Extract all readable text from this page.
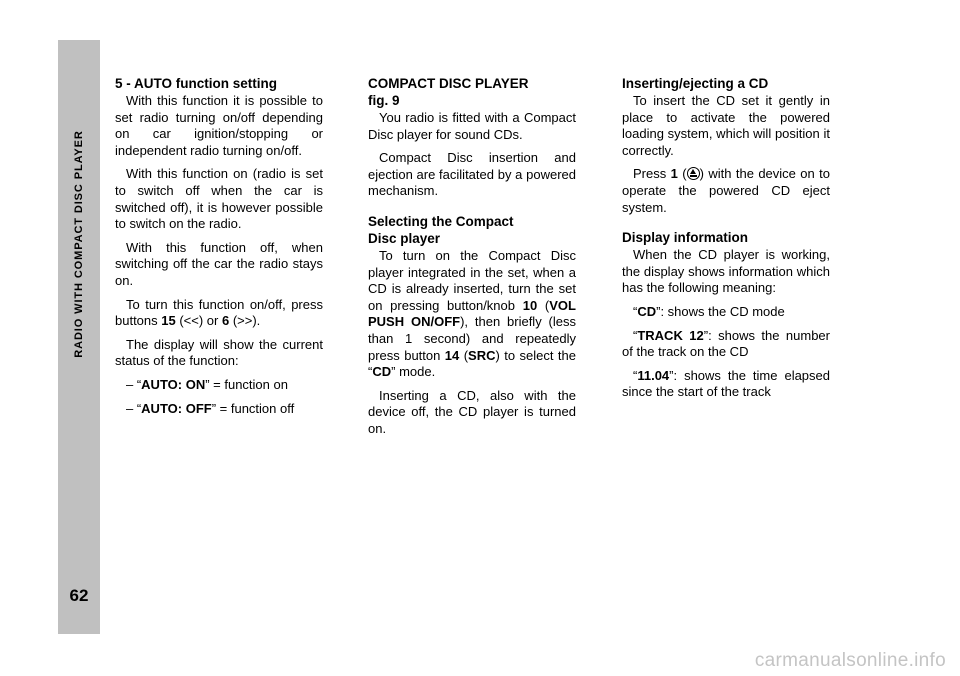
RADIO WITH COMPACT DISC PLAYER
62
5 - AUTO function setting

With this function it is possible to set radio turning on/off depending on car ignition/stopping or independent radio turning on/off.

With this function on (radio is set to switch off when the car is switched off), it is however possible to switch on the radio.

With this function off, when switching off the car the radio stays on.

To turn this function on/off, press buttons 15 (<<) or 6 (>>).

The display will show the current status of the function:

– “AUTO: ON” = function on

– “AUTO: OFF” = function off

COMPACT DISC PLAYER
fig. 9

You radio is fitted with a Compact Disc player for sound CDs.

Compact Disc insertion and ejection are facilitated by a powered mechanism.

Selecting the Compact
Disc player

To turn on the Compact Disc player integrated in the set, when a CD is already inserted, turn the set on pressing button/knob 10 (VOL PUSH ON/OFF), then briefly (less than 1 second) and repeatedly press button 14 (SRC) to select the “CD” mode.

Inserting a CD, also with the device off, the CD player is turned on.

Inserting/ejecting a CD

To insert the CD set it gently in place to activate the powered loading system, which will position it correctly.

Press 1 ( ) with the device on to operate the powered CD eject system.

Display information

When the CD player is working, the display shows information which has the following meaning:

“CD”: shows the CD mode

“TRACK 12”: shows the number of the track on the CD

“11.04”: shows the time elapsed since the start of the track

carmanualsonline.info
